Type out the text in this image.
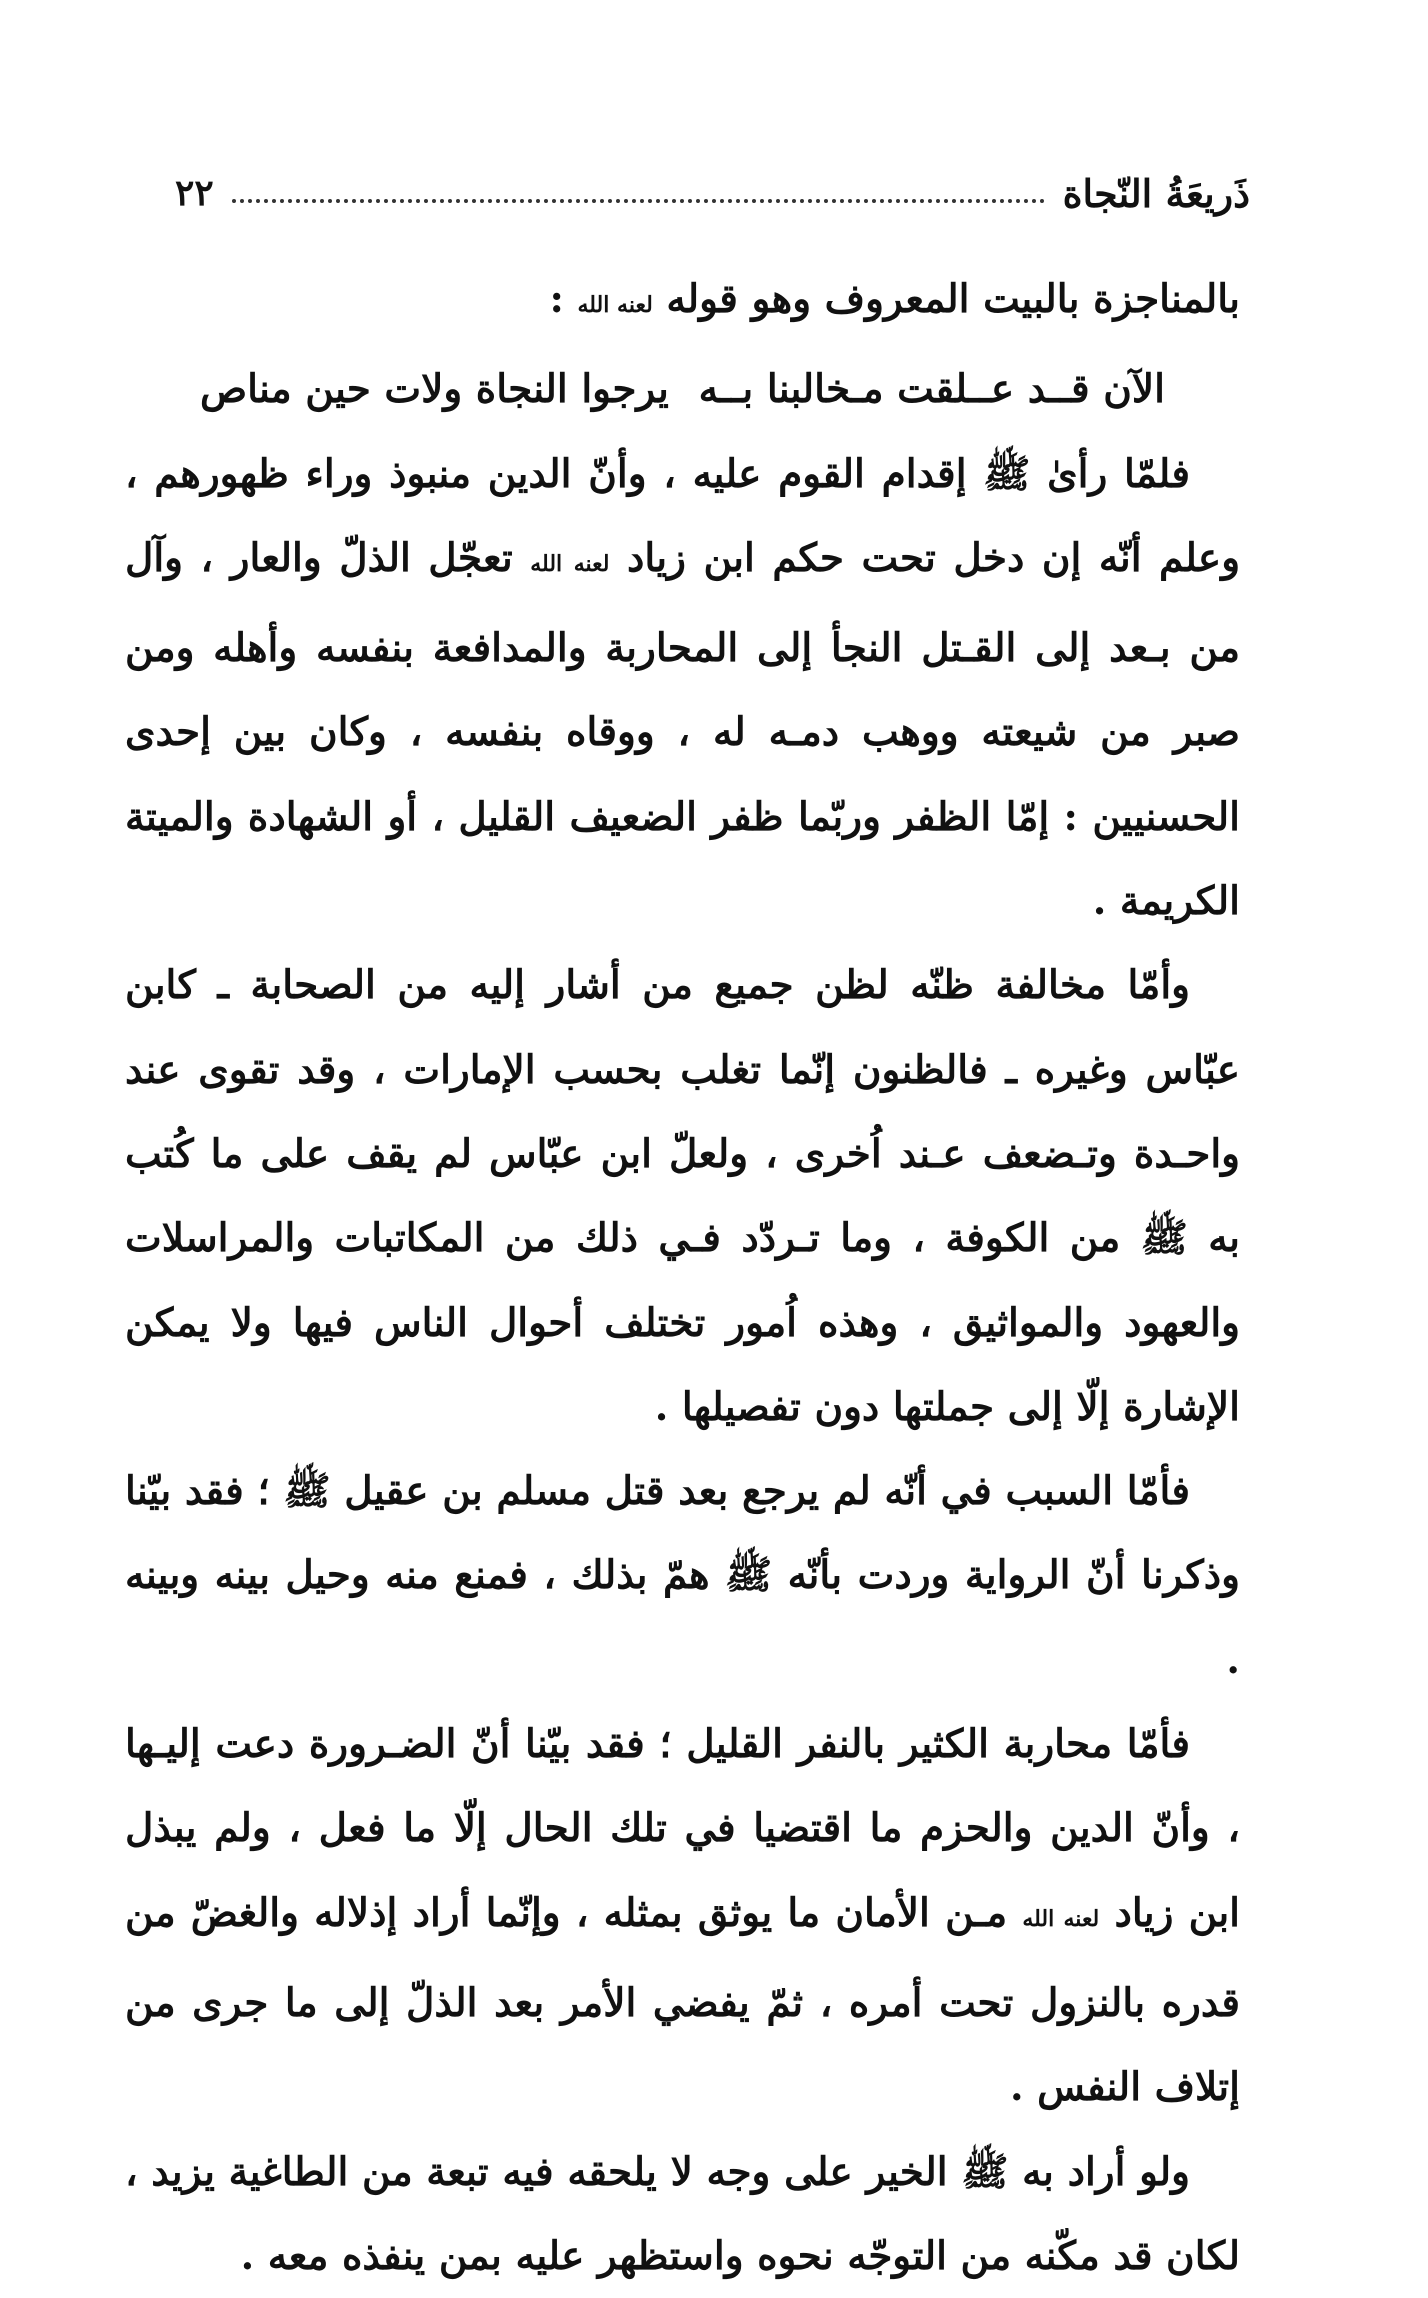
٢٢	ذَريعَةُ النّجاة

بالمناجزة بالبيت المعروف وهو قوله لعنه الله :

الآن قــد عــلقت مـخالبنا بــه
يرجوا النجاة ولات حين مناص

فلمّا رأىٰ ﷺ إقدام القوم عليه ، وأنّ الدين منبوذ وراء ظهورهم ، وعلم أنّه إن دخل تحت حكم ابن زياد لعنه الله تعجّل الذلّ والعار ، وآل من بـعد إلى القـتل النجأ إلى المحاربة والمدافعة بنفسه وأهله ومن صبر من شيعته ووهب دمـه له ، ووقاه بنفسه ، وكان بين إحدى الحسنيين : إمّا الظفر وربّما ظفر الضعيف القليل ، أو الشهادة والميتة الكريمة .

وأمّا مخالفة ظنّه لظن جميع من أشار إليه من الصحابة ـ كابن عبّاس وغيره ـ فالظنون إنّما تغلب بحسب الإمارات ، وقد تقوى عند واحـدة وتـضعف عـند اُخرى ، ولعلّ ابن عبّاس لم يقف على ما كُتب به ﷺ من الكوفة ، وما تـردّد فـي ذلك من المكاتبات والمراسلات والعهود والمواثيق ، وهذه اُمور تختلف أحوال الناس فيها ولا يمكن الإشارة إلّا إلى جملتها دون تفصيلها .

فأمّا السبب في أنّه لم يرجع بعد قتل مسلم بن عقيل ﷺ ؛ فقد بيّنا وذكرنا أنّ الرواية وردت بأنّه ﷺ همّ بذلك ، فمنع منه وحيل بينه وبينه .

فأمّا محاربة الكثير بالنفر القليل ؛ فقد بيّنا أنّ الضـرورة دعت إليـها ، وأنّ الدين والحزم ما اقتضيا في تلك الحال إلّا ما فعل ، ولم يبذل ابن زياد لعنه الله مـن الأمان ما يوثق بمثله ، وإنّما أراد إذلاله والغضّ من قدره بالنزول تحت أمره ، ثمّ يفضي الأمر بعد الذلّ إلى ما جرى من إتلاف النفس .

ولو أراد به ﷺ الخير على وجه لا يلحقه فيه تبعة من الطاغية يزيد ، لكان قد مكّنه من التوجّه نحوه واستظهر عليه بمن ينفذه معه .
